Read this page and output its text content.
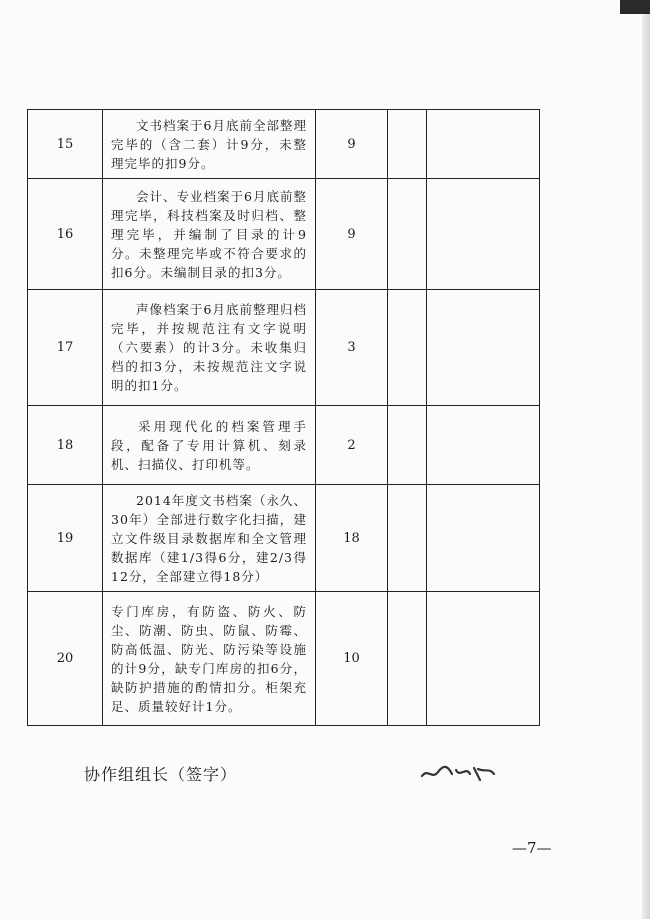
15	文书档案于6月底前全部整理完毕的（含二套）计9分，未整理完毕的扣9分。	9		
16	会计、专业档案于6月底前整理完毕，科技档案及时归档、整理完毕，并编制了目录的计9分。未整理完毕或不符合要求的扣6分。未编制目录的扣3分。	9		
17	声像档案于6月底前整理归档完毕，并按规范注有文字说明（六要素）的计3分。未收集归档的扣3分，未按规范注文字说明的扣1分。	3		
18	采用现代化的档案管理手段，配备了专用计算机、刻录机、扫描仪、打印机等。	2		
19	2014年度文书档案（永久、30年）全部进行数字化扫描，建立文件级目录数据库和全文管理数据库（建1/3得6分，建2/3得12分，全部建立得18分）	18		
20	专门库房，有防盗、防火、防尘、防潮、防虫、防鼠、防霉、防高低温、防光、防污染等设施的计9分，缺专门库房的扣6分，缺防护措施的酌情扣分。柜架充足、质量较好计1分。	10		
协作组组长（签字）
—7—
